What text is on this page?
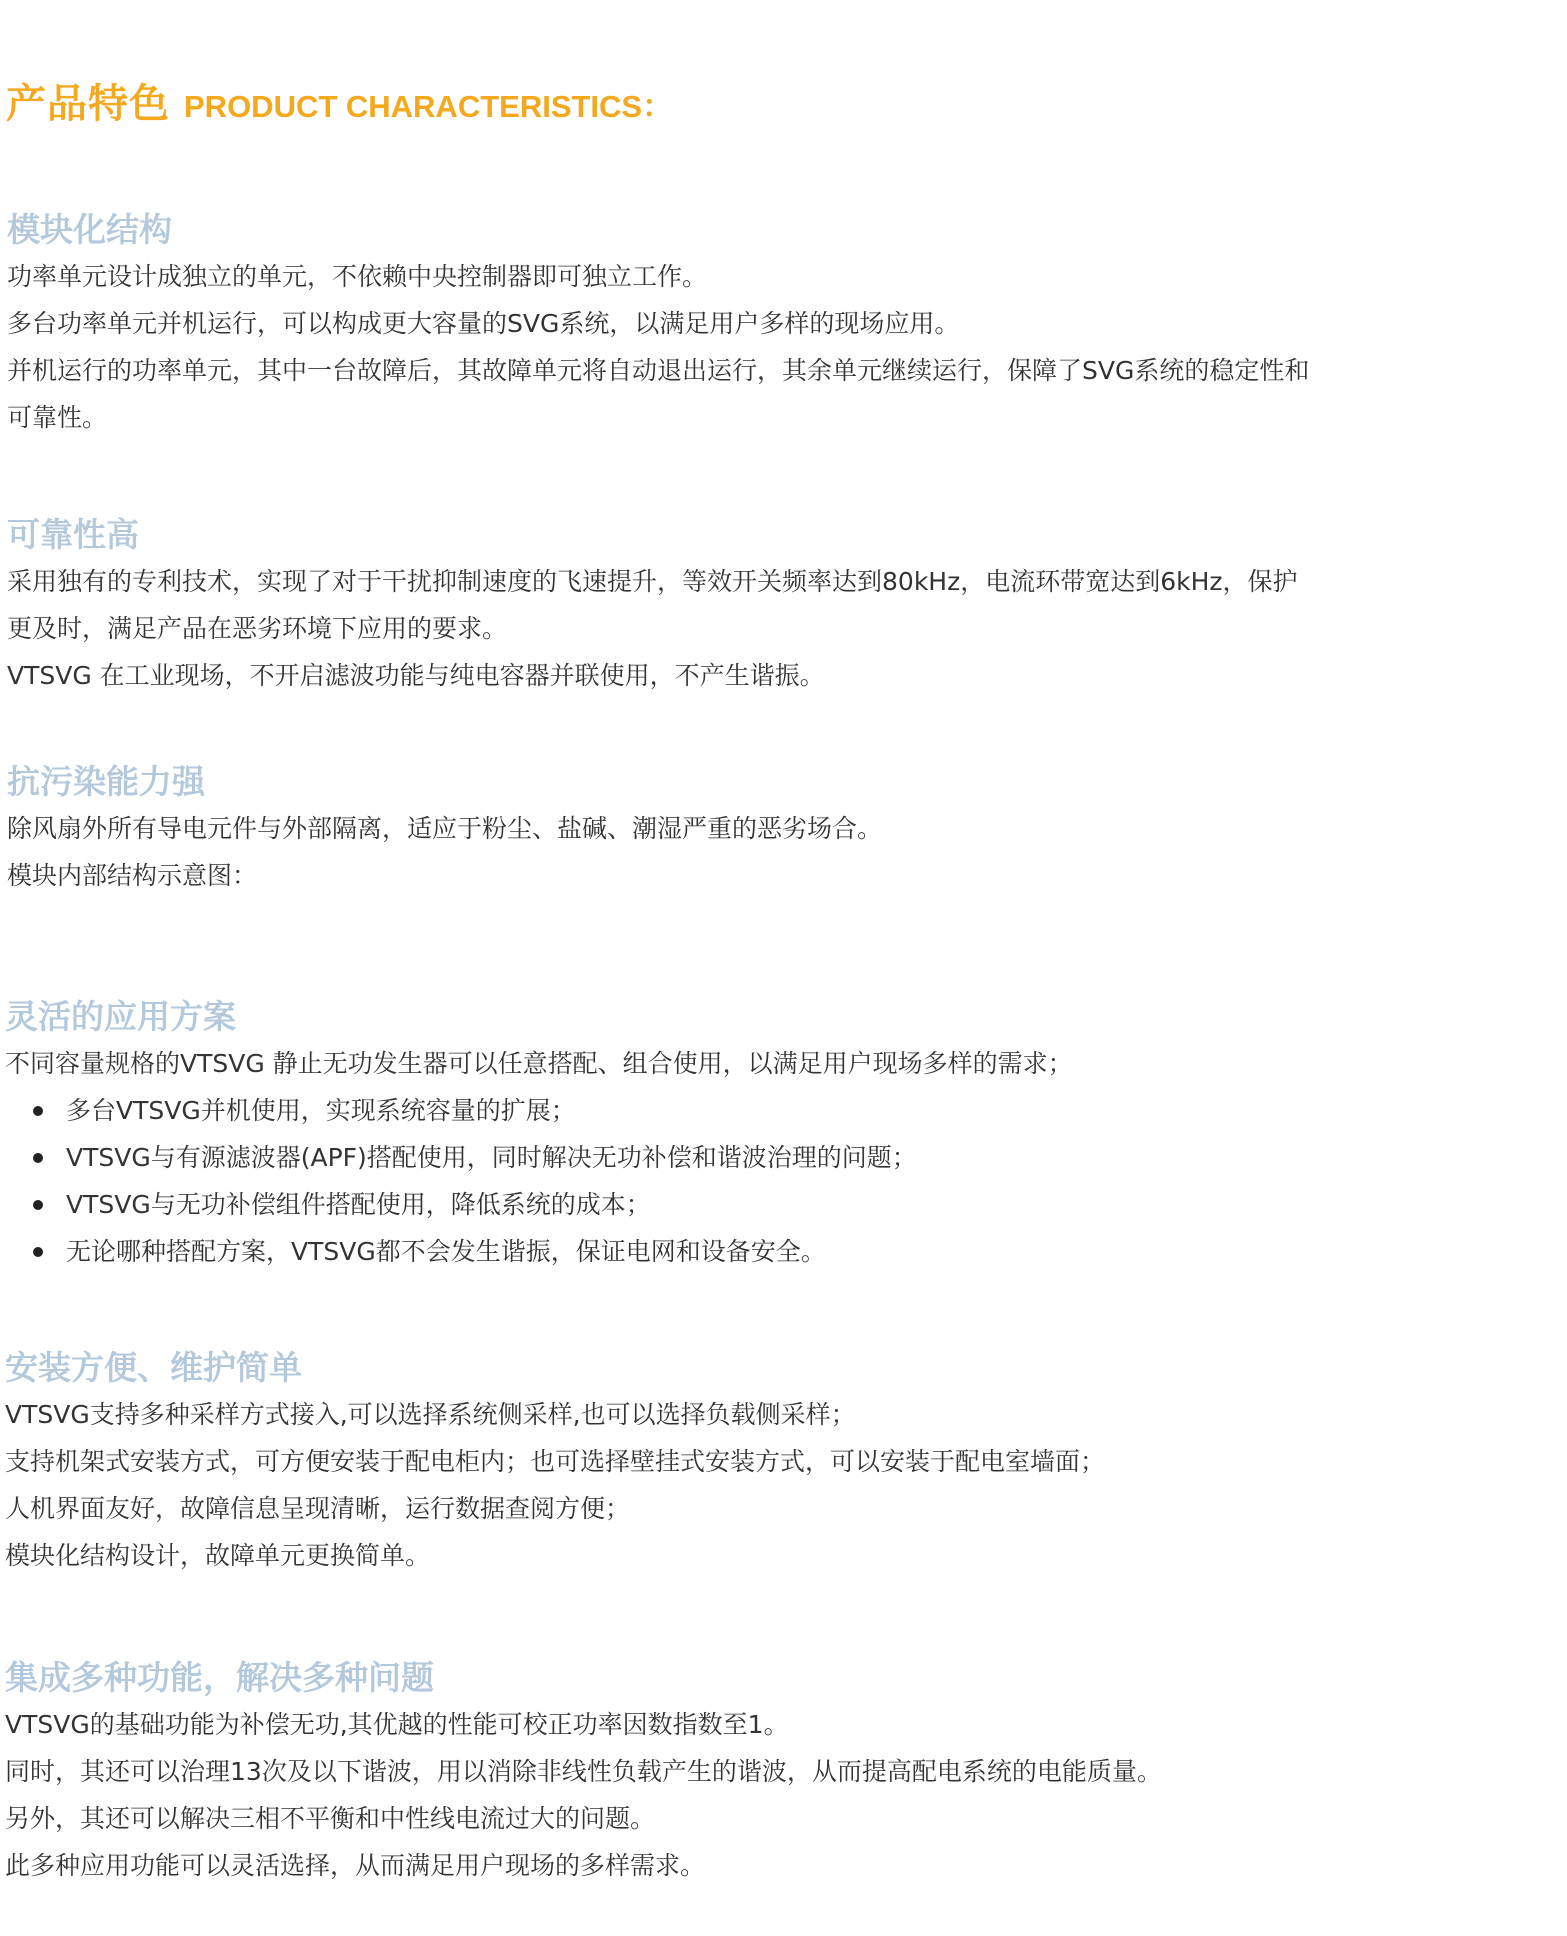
产品特色 PRODUCT CHARACTERISTICS：
模块化结构

功率单元设计成独立的单元，不依赖中央控制器即可独立工作。

多台功率单元并机运行，可以构成更大容量的SVG系统，以满足用户多样的现场应用。

并机运行的功率单元，其中一台故障后，其故障单元将自动退出运行，其余单元继续运行，保障了SVG系统的稳定性和

可靠性。

可靠性高

采用独有的专利技术，实现了对于干扰抑制速度的飞速提升，等效开关频率达到80kHz，电流环带宽达到6kHz，保护

更及时，满足产品在恶劣环境下应用的要求。

VTSVG 在工业现场，不开启滤波功能与纯电容器并联使用，不产生谐振。

抗污染能力强

除风扇外所有导电元件与外部隔离，适应于粉尘、盐碱、潮湿严重的恶劣场合。

模块内部结构示意图：

灵活的应用方案

不同容量规格的VTSVG 静止无功发生器可以任意搭配、组合使用，以满足用户现场多样的需求；

多台VTSVG并机使用，实现系统容量的扩展；
VTSVG与有源滤波器(APF)搭配使用，同时解决无功补偿和谐波治理的问题；
VTSVG与无功补偿组件搭配使用，降低系统的成本；
无论哪种搭配方案，VTSVG都不会发生谐振，保证电网和设备安全。
安装方便、维护简单

VTSVG支持多种采样方式接入,可以选择系统侧采样,也可以选择负载侧采样；

支持机架式安装方式，可方便安装于配电柜内；也可选择壁挂式安装方式，可以安装于配电室墙面；

人机界面友好，故障信息呈现清晰，运行数据查阅方便；

模块化结构设计，故障单元更换简单。

集成多种功能，解决多种问题

VTSVG的基础功能为补偿无功,其优越的性能可校正功率因数指数至1。

同时，其还可以治理13次及以下谐波，用以消除非线性负载产生的谐波，从而提高配电系统的电能质量。

另外，其还可以解决三相不平衡和中性线电流过大的问题。

此多种应用功能可以灵活选择，从而满足用户现场的多样需求。
